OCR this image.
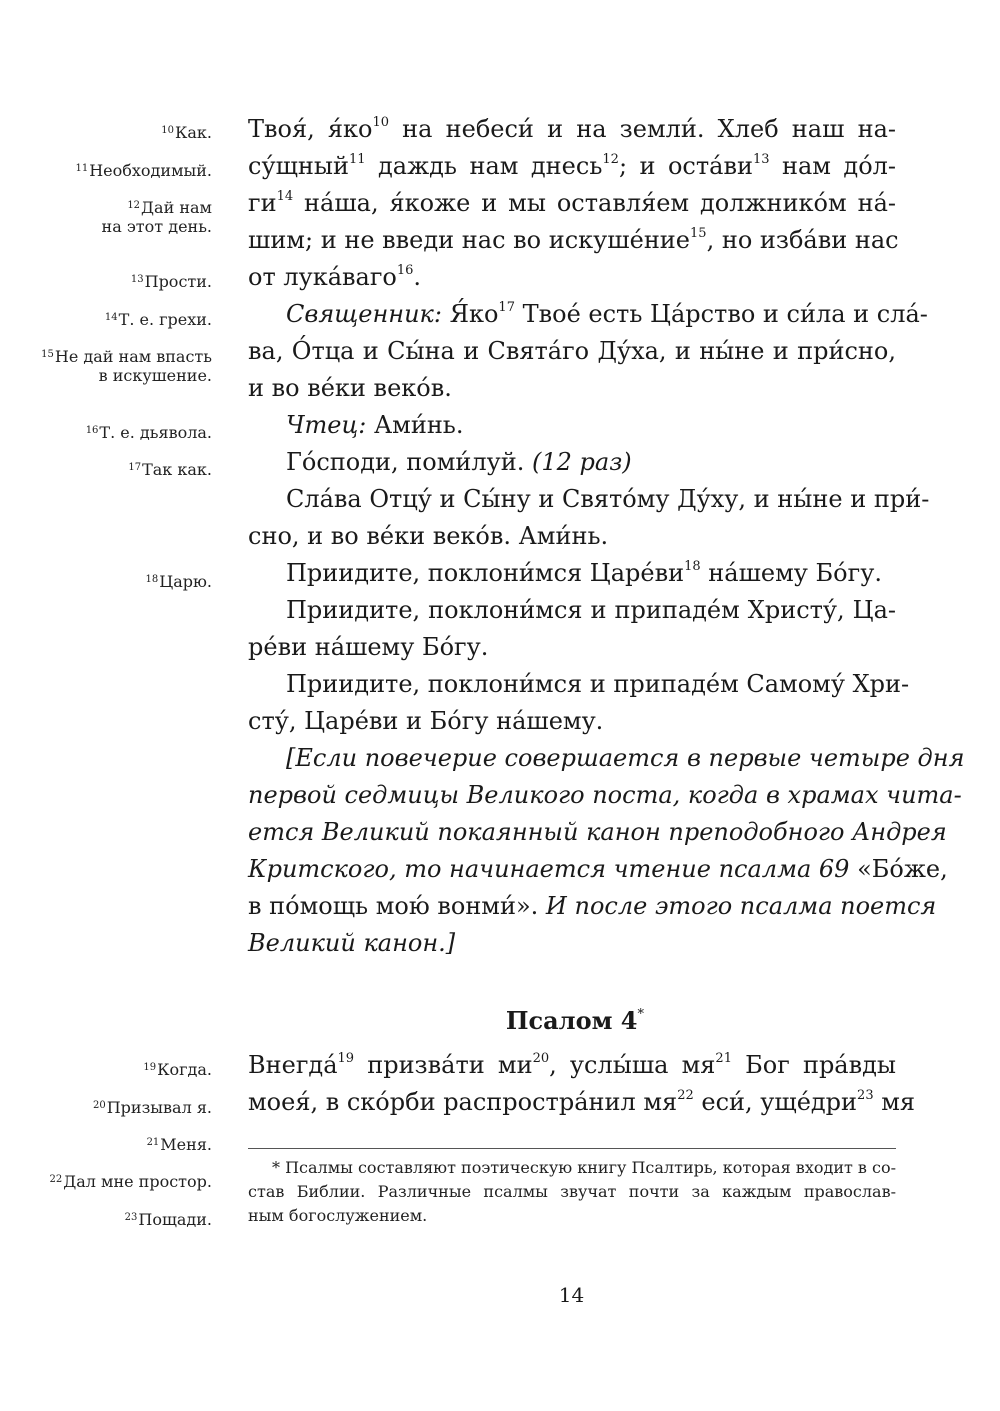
$^{10}$Как.
$^{11}$Необходимый.
$^{12}$Дай нам
на этот день.
$^{13}$Прости.
$^{14}$Т. е. грехи.
$^{15}$Не дай нам впасть
в искушение.
$^{16}$Т. е. дьявола.
$^{17}$Так как.
$^{18}$Царю.
$^{19}$Когда.
$^{20}$Призывал я.
$^{21}$Меня.
$^{22}$Дал мне простор.
$^{23}$Пощади.
Твоя́, $я́ко^{10}$ на небеси́ и на земли́. Хлеб наш на-
су́щный$^{11}$ даждь нам днесь$^{12}$; и $оста́ви^{13}$ нам до́л-
$ги^{14}$ на́ша, я́коже и мы оставля́ем должнико́м на́-
шим; и не введи нас во искуше́ние$^{15}$, но изба́ви нас
от лука́ваго$^{16}$.
Священник: $Я́ко^{17}$ Твое́ есть Ца́рство и си́ла и сла́-
ва, О́тца и Сы́на и Свята́го Ду́ха, и ны́не и при́сно,
и во ве́ки веко́в.
Чтец: Ами́нь.
Го́споди, поми́луй. (12 раз)
Сла́ва Отцу́ и Сы́ну и Свято́му Ду́ху, и ны́не и при́-
сно, и во ве́ки веко́в. Ами́нь.
Приидите, поклони́мся $Царе́ви^{18}$ на́шему Бо́гу.
Приидите, поклони́мся и припаде́м Христу́, Ца-
ре́ви на́шему Бо́гу.
Приидите, поклони́мся и припаде́м Самому́ Хри-
сту́, Царе́ви и Бо́гу на́шему.
[Если повечерие совершается в первые четыре дня
первой седмицы Великого поста, когда в храмах чита-
ется Великий покаянный канон преподобного Андрея
Критского, то начинается чтение псалма 69 «Бо́же,
в по́мощь мою́ вонми́». И после этого псалма поется
Великий канон.]
Псалом 4*
Внегда́$^{19}$ призва́ти $ми^{20}$, услы́ша $мя^{21}$ Бог пра́вды
моея́, в ско́рби распростра́нил $мя^{22}$ еси́, уще́дри$^{23}$ мя
* Псалмы составляют поэтическую книгу Псалтирь, которая входит в со-
став Библии. Различные псалмы звучат почти за каждым православ-
ным богослужением.
14
